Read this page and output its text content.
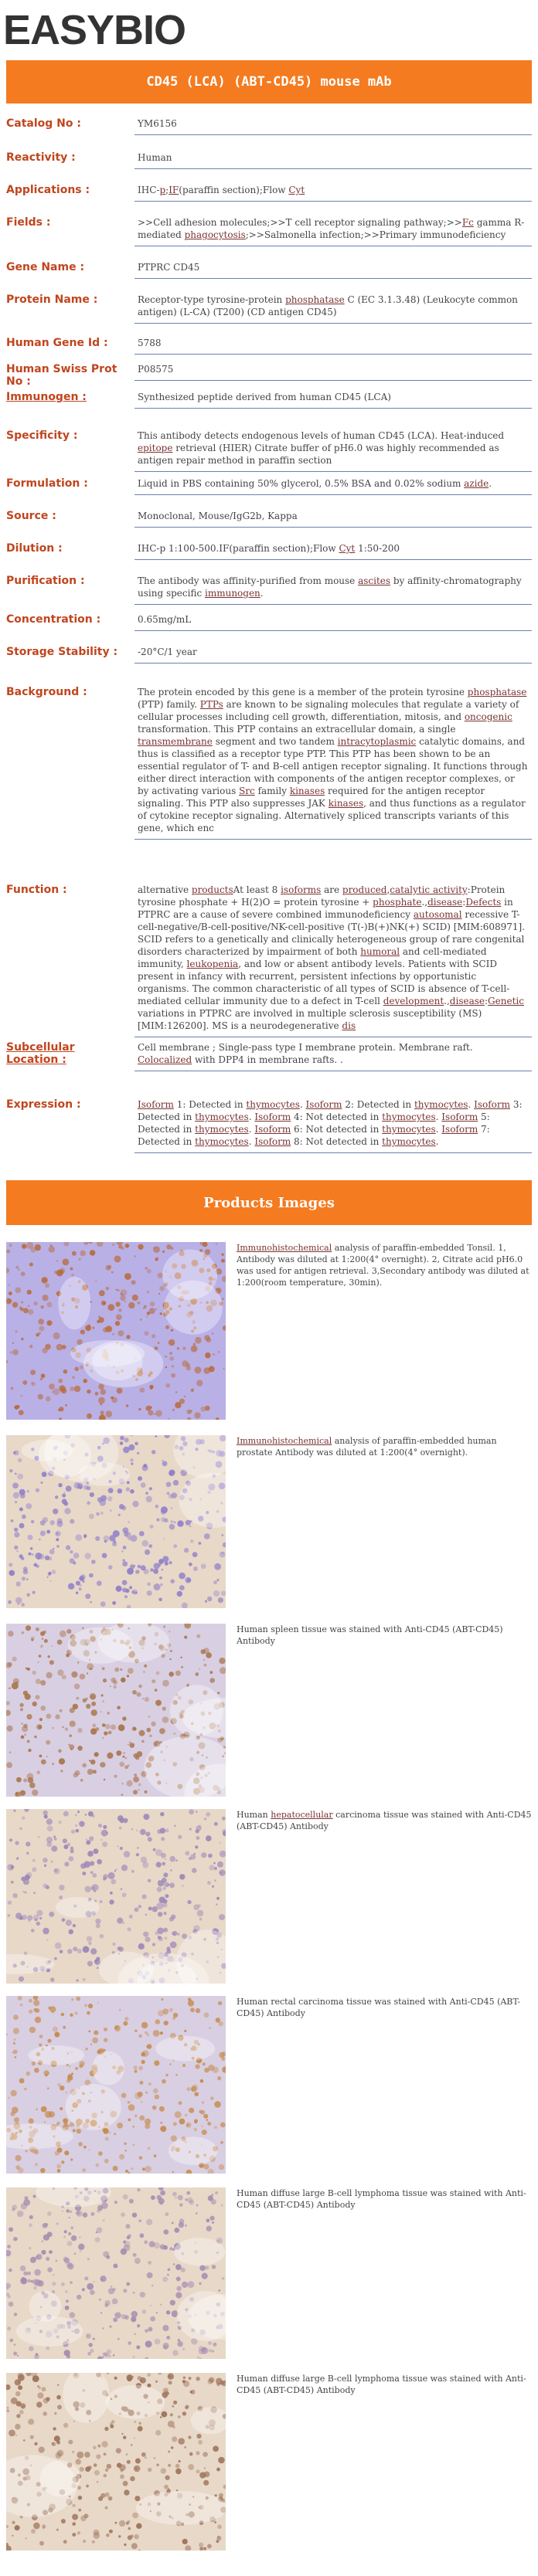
EASYBIO
CD45 (LCA) (ABT-CD45) mouse mAb
Catalog No :	YM6156
Reactivity :	Human
Applications :	IHC-p;IF(paraffin section);Flow Cyt
Fields :	>>Cell adhesion molecules;>>T cell receptor signaling pathway;>>Fc gamma R-mediated phagocytosis;>>Salmonella infection;>>Primary immunodeficiency
Gene Name :	PTPRC CD45
Protein Name :	Receptor-type tyrosine-protein phosphatase C (EC 3.1.3.48) (Leukocyte common antigen) (L-CA) (T200) (CD antigen CD45)
Human Gene Id :	5788
Human Swiss Prot No :
P08575
Immunogen :	Synthesized peptide derived from human CD45 (LCA)
Specificity :	This antibody detects endogenous levels of human CD45 (LCA). Heat-induced epitope retrieval (HIER) Citrate buffer of pH6.0 was highly recommended as antigen repair method in paraffin section
Formulation :	Liquid in PBS containing 50% glycerol, 0.5% BSA and 0.02% sodium azide.
Source :	Monoclonal, Mouse/IgG2b, Kappa
Dilution :	IHC-p 1:100-500.IF(paraffin section);Flow Cyt 1:50-200
Purification :	The antibody was affinity-purified from mouse ascites by affinity-chromatography using specific immunogen.
Concentration :	0.65mg/mL
Storage Stability :	-20°C/1 year
Background :	The protein encoded by this gene is a member of the protein tyrosine phosphatase (PTP) family. PTPs are known to be signaling molecules that regulate a variety of cellular processes including cell growth, differentiation, mitosis, and oncogenic transformation. This PTP contains an extracellular domain, a single transmembrane segment and two tandem intracytoplasmic catalytic domains, and thus is classified as a receptor type PTP. This PTP has been shown to be an essential regulator of T- and B-cell antigen receptor signaling. It functions through either direct interaction with components of the antigen receptor complexes, or by activating various Src family kinases required for the antigen receptor signaling. This PTP also suppresses JAK kinases, and thus functions as a regulator of cytokine receptor signaling. Alternatively spliced transcripts variants of this gene, which enc
Function :	alternative productsAt least 8 isoforms are produced,catalytic activity:Protein tyrosine phosphate + H(2)O = protein tyrosine + phosphate.,disease:Defects in PTPRC are a cause of severe combined immunodeficiency autosomal recessive T-cell-negative/B-cell-positive/NK-cell-positive (T(-)B(+)NK(+) SCID) [MIM:608971]. SCID refers to a genetically and clinically heterogeneous group of rare congenital disorders characterized by impairment of both humoral and cell-mediated immunity, leukopenia, and low or absent antibody levels. Patients with SCID present in infancy with recurrent, persistent infections by opportunistic organisms. The common characteristic of all types of SCID is absence of T-cell-mediated cellular immunity due to a defect in T-cell development.,disease:Genetic variations in PTPRC are involved in multiple sclerosis susceptibility (MS) [MIM:126200]. MS is a neurodegenerative dis
Subcellular Location :
Cell membrane ; Single-pass type I membrane protein. Membrane raft. Colocalized with DPP4 in membrane rafts. .
Expression :	Isoform 1: Detected in thymocytes. Isoform 2: Detected in thymocytes. Isoform 3: Detected in thymocytes. Isoform 4: Not detected in thymocytes. Isoform 5: Detected in thymocytes. Isoform 6: Not detected in thymocytes. Isoform 7: Detected in thymocytes. Isoform 8: Not detected in thymocytes.
Products Images
Immunohistochemical analysis of paraffin-embedded Tonsil. 1, Antibody was diluted at 1:200(4° overnight). 2, Citrate acid pH6.0 was used for antigen retrieval. 3,Secondary antibody was diluted at 1:200(room temperature, 30min).
Immunohistochemical analysis of paraffin-embedded human prostate Antibody was diluted at 1:200(4° overnight).
Human spleen tissue was stained with Anti-CD45 (ABT-CD45) Antibody
Human hepatocellular carcinoma tissue was stained with Anti-CD45 (ABT-CD45) Antibody
Human rectal carcinoma tissue was stained with Anti-CD45 (ABT-CD45) Antibody
Human diffuse large B-cell lymphoma tissue was stained with Anti-CD45 (ABT-CD45) Antibody
Human diffuse large B-cell lymphoma tissue was stained with Anti-CD45 (ABT-CD45) Antibody
